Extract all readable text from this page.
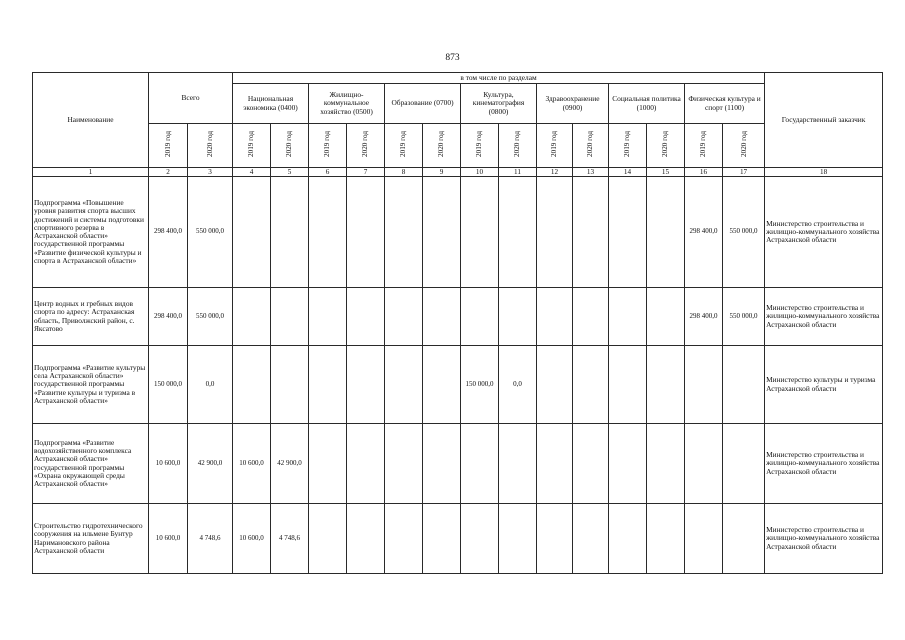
873
Наименование	Всего		в том числе по разделам														Государственный заказчик
			Национальная экономика (0400)		Жилищно-коммунальное хозяйство (0500)		Образование (0700)		Культура, кинематография (0800)		Здравоохранение (0900)		Социальная политика (1000)		Физическая культура и спорт (1100)		
	2019 год	2020 год	2019 год	2020 год	2019 год	2020 год	2019 год	2020 год	2019 год	2020 год	2019 год	2020 год	2019 год	2020 год	2019 год	2020 год	
1	2	3	4	5	6	7	8	9	10	11	12	13	14	15	16	17	18
Подпрограмма «Повышение уровня развития спорта высших достижений и системы подготовки спортивного резерва в Астраханской области» государственной программы «Развитие физической культуры и спорта в Астраханской области»	298 400,0	550 000,0													298 400,0	550 000,0	Министерство строительства и жилищно-коммунального хозяйства Астраханской области
Центр водных и гребных видов спорта по адресу: Астраханская область, Приволжский район, с. Яксатово	298 400,0	550 000,0													298 400,0	550 000,0	Министерство строительства и жилищно-коммунального хозяйства Астраханской области
Подпрограмма «Развитие культуры села Астраханской области» государственной программы «Развитие культуры и туризма в Астраханской области»	150 000,0	0,0							150 000,0	0,0							Министерство культуры и туризма Астраханской области
Подпрограмма «Развитие водохозяйственного комплекса Астраханской области» государственной программы «Охрана окружающей среды Астраханской области»	10 600,0	42 900,0	10 600,0	42 900,0													Министерство строительства и жилищно-коммунального хозяйства Астраханской области
Строительство гидротехнического сооружения на ильмене Бунтур Наримановского района Астраханской области	10 600,0	4 748,6	10 600,0	4 748,6													Министерство строительства и жилищно-коммунального хозяйства Астраханской области
